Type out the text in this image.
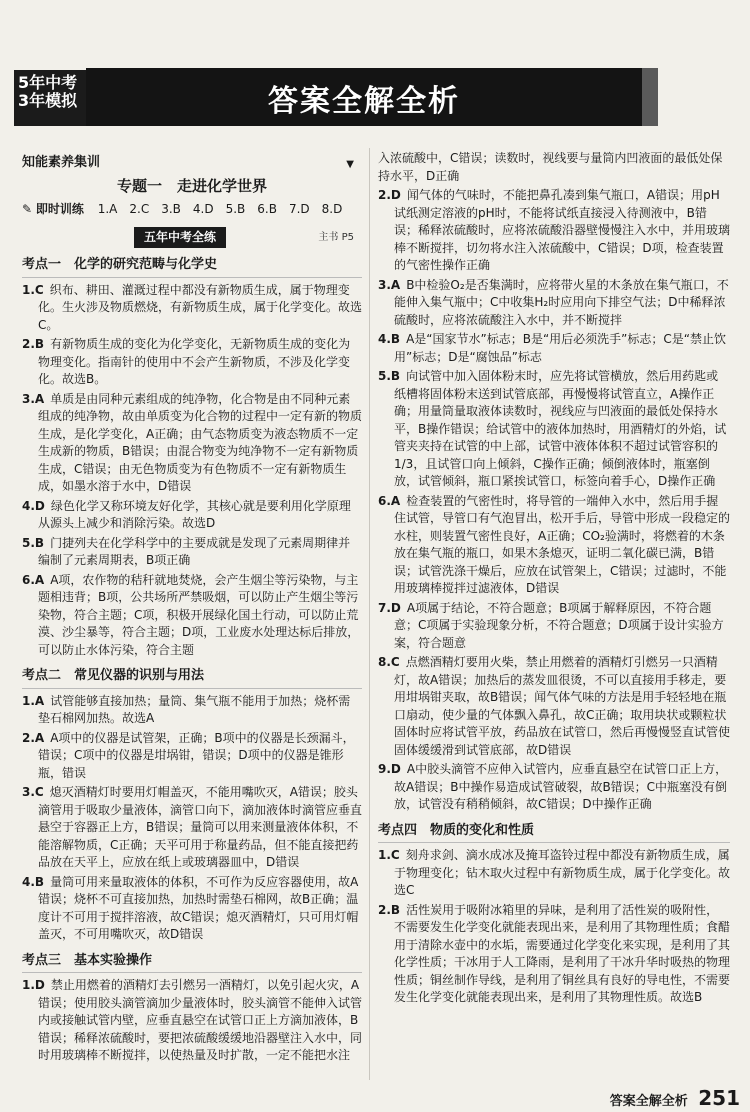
5年中考
3年模拟	答案全解全析
知能素养集训	▼
专题一　走进化学世界
✎ 即时训练 1.A　2.C　3.B　4.D　5.B　6.B　7.D　8.D
五年中考全练	主书 P5
考点一　化学的研究范畴与化学史
1.C 织布、耕田、灌溉过程中都没有新物质生成，属于物理变化。生火涉及物质燃烧，有新物质生成，属于化学变化。故选C。
2.B 有新物质生成的变化为化学变化，无新物质生成的变化为物理变化。指南针的使用中不会产生新物质，不涉及化学变化。故选B。
3.A 单质是由同种元素组成的纯净物，化合物是由不同种元素组成的纯净物，故由单质变为化合物的过程中一定有新的物质生成，是化学变化，A正确；由气态物质变为液态物质不一定生成新的物质，B错误；由混合物变为纯净物不一定有新物质生成，C错误；由无色物质变为有色物质不一定有新物质生成，如墨水溶于水中，D错误
4.D 绿色化学又称环境友好化学，其核心就是要利用化学原理从源头上减少和消除污染。故选D
5.B 门捷列夫在化学科学中的主要成就是发现了元素周期律并编制了元素周期表，B项正确
6.A A项，农作物的秸秆就地焚烧，会产生烟尘等污染物，与主题相违背；B项，公共场所严禁吸烟，可以防止产生烟尘等污染物，符合主题；C项，积极开展绿化国土行动，可以防止荒漠、沙尘暴等，符合主题；D项，工业废水处理达标后排放，可以防止水体污染，符合主题
考点二　常见仪器的识别与用法
1.A 试管能够直接加热；量筒、集气瓶不能用于加热；烧杯需垫石棉网加热。故选A
2.A A项中的仪器是试管架，正确；B项中的仪器是长颈漏斗，错误；C项中的仪器是坩埚钳，错误；D项中的仪器是锥形瓶，错误
3.C 熄灭酒精灯时要用灯帽盖灭，不能用嘴吹灭，A错误；胶头滴管用于吸取少量液体，滴管口向下，滴加液体时滴管应垂直悬空于容器正上方，B错误；量筒可以用来测量液体体积，不能溶解物质，C正确；天平可用于称量药品，但不能直接把药品放在天平上，应放在纸上或玻璃器皿中，D错误
4.B 量筒可用来量取液体的体积，不可作为反应容器使用，故A错误；烧杯不可直接加热，加热时需垫石棉网，故B正确；温度计不可用于搅拌溶液，故C错误；熄灭酒精灯，只可用灯帽盖灭，不可用嘴吹灭，故D错误
考点三　基本实验操作
1.D 禁止用燃着的酒精灯去引燃另一酒精灯，以免引起火灾，A错误；使用胶头滴管滴加少量液体时，胶头滴管不能伸入试管内或接触试管内壁，应垂直悬空在试管口正上方滴加液体，B错误；稀释浓硫酸时，要把浓硫酸缓缓地沿器壁注入水中，同时用玻璃棒不断搅拌，以使热量及时扩散，一定不能把水注
入浓硫酸中，C错误；读数时，视线要与量筒内凹液面的最低处保持水平，D正确
2.D 闻气体的气味时，不能把鼻孔凑到集气瓶口，A错误；用pH试纸测定溶液的pH时，不能将试纸直接浸入待测液中，B错误；稀释浓硫酸时，应将浓硫酸沿器壁慢慢注入水中，并用玻璃棒不断搅拌，切勿将水注入浓硫酸中，C错误；D项，检查装置的气密性操作正确
3.A B中检验O₂是否集满时，应将带火星的木条放在集气瓶口，不能伸入集气瓶中；C中收集H₂时应用向下排空气法；D中稀释浓硫酸时，应将浓硫酸注入水中，并不断搅拌
4.B A是“国家节水”标志；B是“用后必须洗手”标志；C是“禁止饮用”标志；D是“腐蚀品”标志
5.B 向试管中加入固体粉末时，应先将试管横放，然后用药匙或纸槽将固体粉末送到试管底部，再慢慢将试管直立，A操作正确；用量筒量取液体读数时，视线应与凹液面的最低处保持水平，B操作错误；给试管中的液体加热时，用酒精灯的外焰，试管夹夹持在试管的中上部，试管中液体体积不超过试管容积的1/3，且试管口向上倾斜，C操作正确；倾倒液体时，瓶塞倒放，试管倾斜，瓶口紧挨试管口，标签向着手心，D操作正确
6.A 检查装置的气密性时，将导管的一端伸入水中，然后用手握住试管，导管口有气泡冒出，松开手后，导管中形成一段稳定的水柱，则装置气密性良好，A正确；CO₂验满时，将燃着的木条放在集气瓶的瓶口，如果木条熄灭，证明二氧化碳已满，B错误；试管洗涤干燥后，应放在试管架上，C错误；过滤时，不能用玻璃棒搅拌过滤液体，D错误
7.D A项属于结论，不符合题意；B项属于解释原因，不符合题意；C项属于实验现象分析，不符合题意；D项属于设计实验方案，符合题意
8.C 点燃酒精灯要用火柴，禁止用燃着的酒精灯引燃另一只酒精灯，故A错误；加热后的蒸发皿很烫，不可以直接用手移走，要用坩埚钳夹取，故B错误；闻气体气味的方法是用手轻轻地在瓶口扇动，使少量的气体飘入鼻孔，故C正确；取用块状或颗粒状固体时应将试管平放，药品放在试管口，然后再慢慢竖直试管使固体缓缓滑到试管底部，故D错误
9.D A中胶头滴管不应伸入试管内，应垂直悬空在试管口正上方，故A错误；B中操作易造成试管破裂，故B错误；C中瓶塞没有倒放，试管没有稍稍倾斜，故C错误；D中操作正确
考点四　物质的变化和性质
1.C 刻舟求剑、滴水成冰及掩耳盗铃过程中都没有新物质生成，属于物理变化；钻木取火过程中有新物质生成，属于化学变化。故选C
2.B 活性炭用于吸附冰箱里的异味，是利用了活性炭的吸附性，不需要发生化学变化就能表现出来，是利用了其物理性质；食醋用于清除水壶中的水垢，需要通过化学变化来实现，是利用了其化学性质；干冰用于人工降雨，是利用了干冰升华时吸热的物理性质；铜丝制作导线，是利用了铜丝具有良好的导电性，不需要发生化学变化就能表现出来，是利用了其物理性质。故选B
答案全解全析 251
